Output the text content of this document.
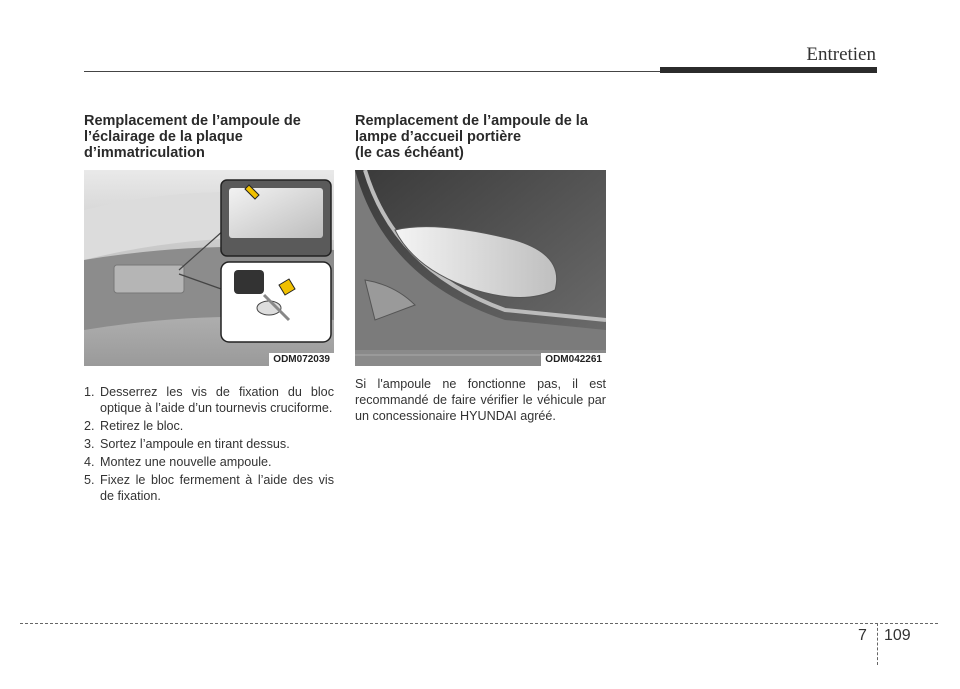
Entretien
Remplacement de l’ampoule de
l’éclairage de la plaque
d’immatriculation
ODM072039
1. Desserrez les vis de fixation du bloc optique à l’aide d’un tournevis cruciforme.
2. Retirez le bloc.
3. Sortez l’ampoule en tirant dessus.
4. Montez une nouvelle ampoule.
5. Fixez le bloc fermement à l’aide des vis de fixation.
Remplacement de l’ampoule de la
lampe d’accueil portière
(le cas échéant)
ODM042261

Si l'ampoule ne fonctionne pas, il est recommandé de faire vérifier le véhicule par un concessionaire HYUNDAI agréé.

7 109
